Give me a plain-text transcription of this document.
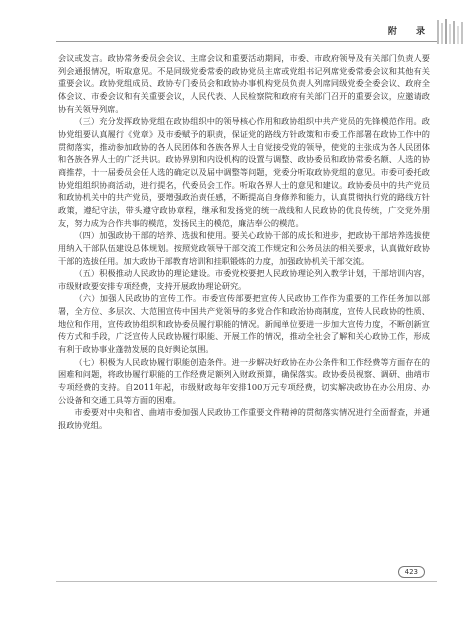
附 录

会议或发言。政协常务委员会会议、主席会议和重要活动期间，市委、市政府领导及有关部门负责人要列会通报情况，听取意见。不是同级党委常委的政协党员主席或党组书记列席党委常委会议和其他有关重要会议。政协党组成员、政协专门委员会和政协办事机构党员负责人列席同级党委全委会议、政府全体会议、市委会议和有关重要会议，人民代表、人民检察院和政府有关部门召开的重要会议，应邀请政协有关领导列席。

（三）充分发挥政协党组在政协组织中的领导核心作用和政协组织中共产党员的先锋模范作用。政协党组要认真履行《党章》及市委赋予的职责，保证党的路线方针政策和市委工作部署在政协工作中的贯彻落实，推动参加政协的各人民团体和各族各界人士自觉接受党的领导，使党的主张成为各人民团体和各族各界人士的广泛共识。政协界别和内设机构的设置与调整、政协委员和政协常委名额、人选的协商推荐，十一届委员会任人选的确定以及届中调整等问题，党委分听取政协党组的意见。市委可委托政协党组组织协商活动，进行提名，代委员会工作。听取各界人士的意见和建议。政协委员中的共产党员和政协机关中的共产党员，要增强政治责任感，不断提高自身修养和能力，认真贯彻执行党的路线方针政策，遵纪守法，带头遵守政协章程，继承和发扬党的统一战线和人民政协的优良传统，广交党外朋友，努力成为合作共事的模范，发扬民主的模范，廉洁奉公的模范。

（四）加强政协干部的培养、选拔和使用。要关心政协干部的成长和进步，把政协干部培养选拔使用纳入干部队伍建设总体规划。按照党政领导干部交流工作规定和公务员法的相关要求，认真做好政协干部的选拔任用。加大政协干部教育培训和挂职锻炼的力度，加强政协机关干部交流。

（五）积极推动人民政协的理论建设。市委党校要把人民政协理论列入教学计划，干部培训内容，市级财政要安排专项经费，支持开展政协理论研究。

（六）加强人民政协的宣传工作。市委宣传部要把宣传人民政协工作作为重要的工作任务加以部署，全方位、多层次、大范围宣传中国共产党领导的多党合作和政治协商制度，宣传人民政协的性质、地位和作用，宣传政协组织和政协委员履行职能的情况。新闻单位要进一步加大宣传力度，不断创新宣传方式和手段，广泛宣传人民政协履行职能、开展工作的情况，推动全社会了解和关心政协工作，形成有利于政协事业蓬勃发展的良好舆论氛围。

（七）积极为人民政协履行职能创造条件。进一步解决好政协在办公条件和工作经费等方面存在的困难和问题，将政协履行职能的工作经费足额列入财政预算，确保落实。政协委员视察、调研、曲靖市专项经费的支持。自2011年起，市级财政每年安排100万元专项经费，切实解决政协在办公用房、办公设备和交通工具等方面的困难。

市委要对中央和省、曲靖市委加强人民政协工作重要文件精神的贯彻落实情况进行全面督查，并通报政协党组。

423
